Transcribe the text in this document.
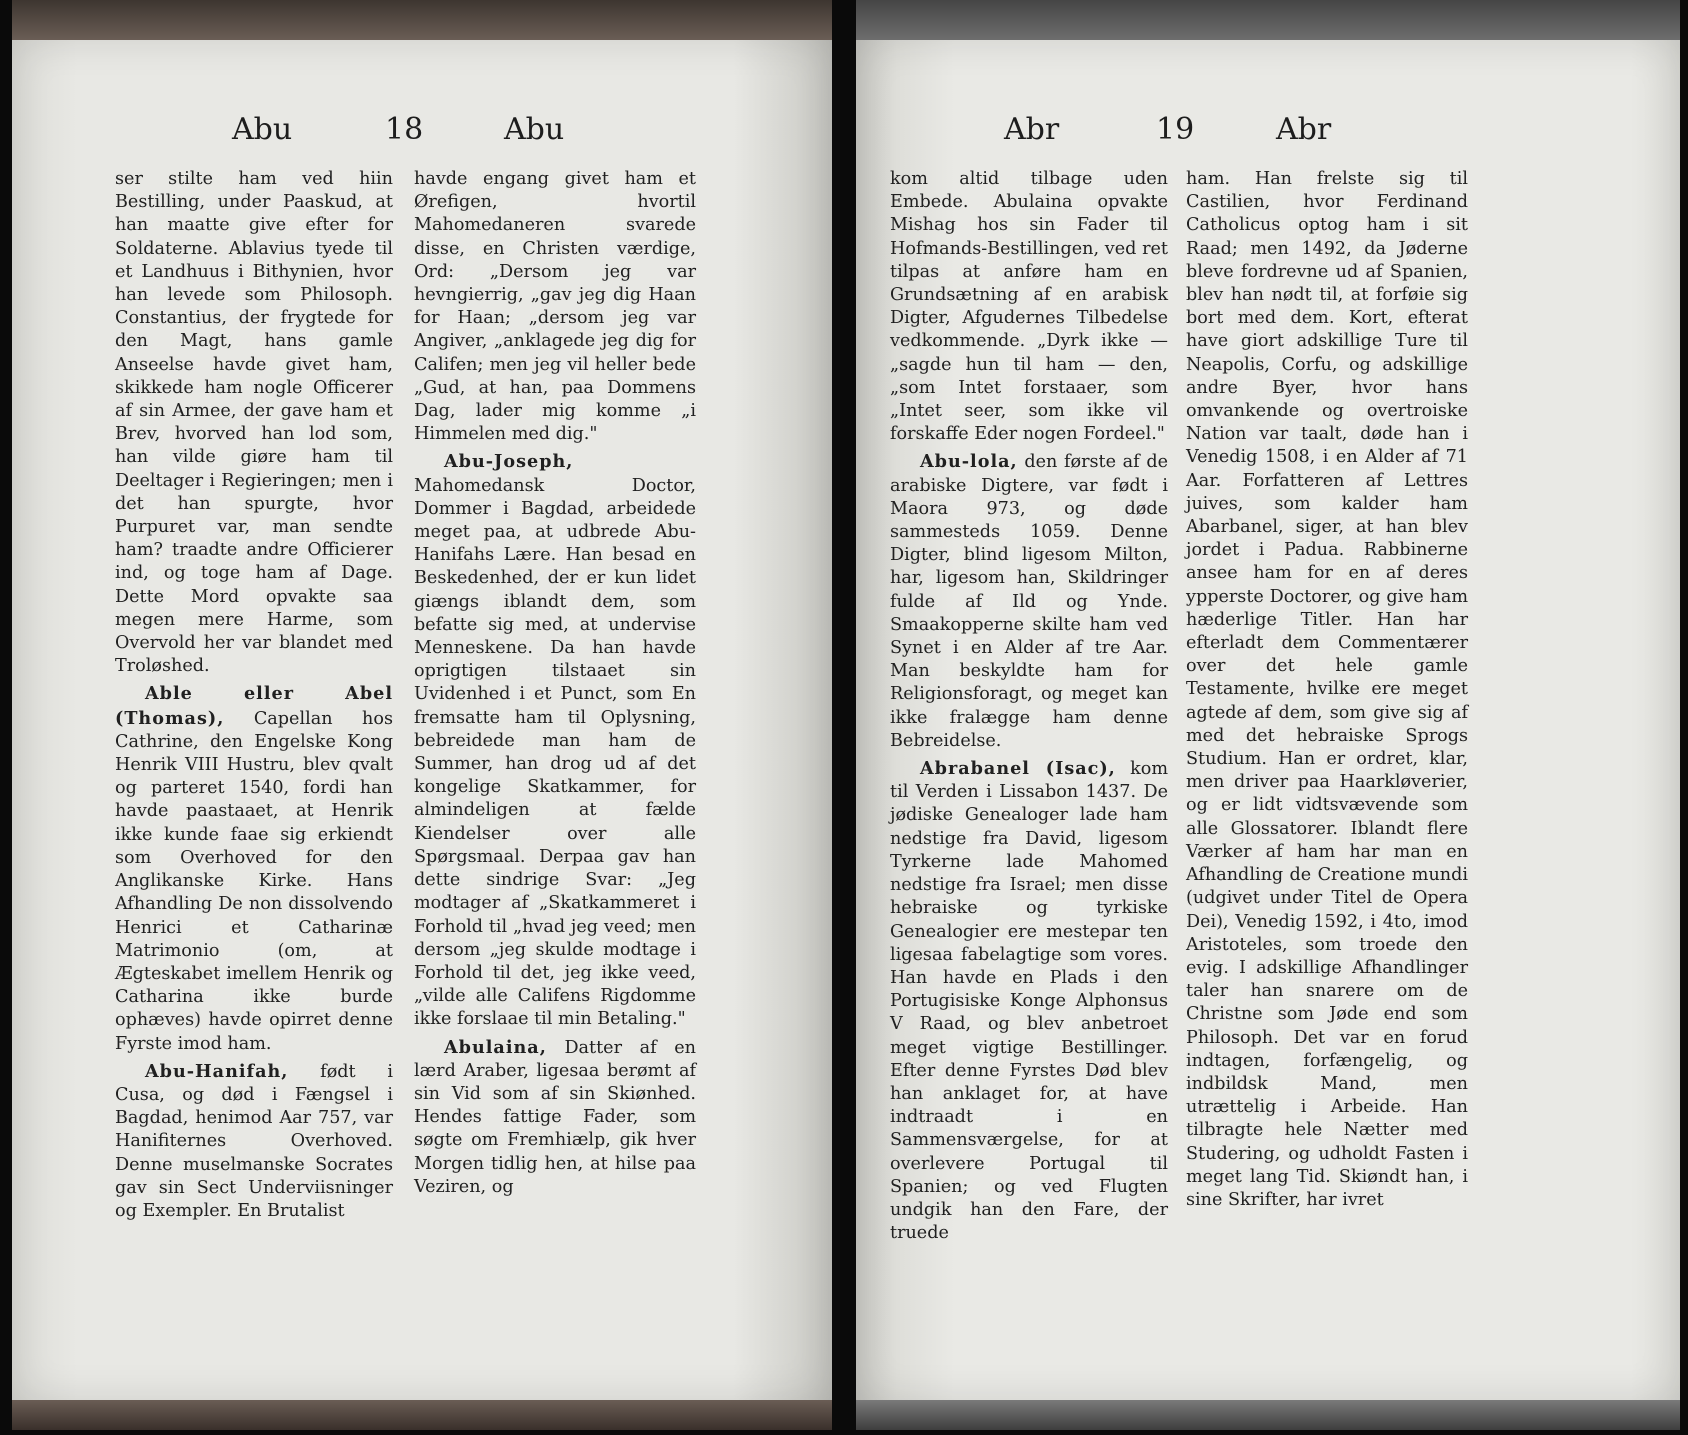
Abu	18	Abu

ser stilte ham ved hiin Bestilling, under Paaskud, at han maatte give efter for Soldaterne. Ablavius tyede til et Landhuus i Bithynien, hvor han levede som Philosoph. Constantius, der frygtede for den Magt, hans gamle Anseelse havde givet ham, skikkede ham nogle Officerer af sin Armee, der gave ham et Brev, hvorved han lod som, han vilde giøre ham til Deeltager i Regieringen; men i det han spurgte, hvor Purpuret var, man sendte ham? traadte andre Officierer ind, og toge ham af Dage. Dette Mord opvakte saa megen mere Harme, som Overvold her var blandet med Troløshed.

Able eller Abel (Thomas), Capellan hos Cathrine, den Engelske Kong Henrik VIII Hustru, blev qvalt og parteret 1540, fordi han havde paastaaet, at Henrik ikke kunde faae sig erkiendt som Overhoved for den Anglikanske Kirke. Hans Afhandling De non dissolvendo Henrici et Catharinæ Matrimonio (om, at Ægteskabet imellem Henrik og Catharina ikke burde ophæves) havde opirret denne Fyrste imod ham.

Abu-Hanifah, født i Cusa, og død i Fængsel i Bagdad, henimod Aar 757, var Hanifiternes Overhoved. Denne muselmanske Socrates gav sin Sect Underviisninger og Exempler. En Brutalist

havde engang givet ham et Ørefigen, hvortil Mahomedaneren svarede disse, en Christen værdige, Ord: „Dersom jeg var hevngierrig, „gav jeg dig Haan for Haan; „dersom jeg var Angiver, „anklagede jeg dig for Califen; men jeg vil heller bede „Gud, at han, paa Dommens Dag, lader mig komme „i Himmelen med dig."

Abu-Joseph, Mahomedansk Doctor, Dommer i Bagdad, arbeidede meget paa, at udbrede Abu-Hanifahs Lære. Han besad en Beskedenhed, der er kun lidet giængs iblandt dem, som befatte sig med, at undervise Menneskene. Da han havde oprigtigen tilstaaet sin Uvidenhed i et Punct, som En fremsatte ham til Oplysning, bebreidede man ham de Summer, han drog ud af det kongelige Skatkammer, for almindeligen at fælde Kiendelser over alle Spørgsmaal. Derpaa gav han dette sindrige Svar: „Jeg modtager af „Skatkammeret i Forhold til „hvad jeg veed; men dersom „jeg skulde modtage i Forhold til det, jeg ikke veed, „vilde alle Califens Rigdomme ikke forslaae til min Betaling."

Abulaina, Datter af en lærd Araber, ligesaa berømt af sin Vid som af sin Skiønhed. Hendes fattige Fader, som søgte om Fremhiælp, gik hver Morgen tidlig hen, at hilse paa Veziren, og

Abr	19	Abr

kom altid tilbage uden Embede. Abulaina opvakte Mishag hos sin Fader til Hofmands-Bestillingen, ved ret tilpas at anføre ham en Grundsætning af en arabisk Digter, Afgudernes Tilbedelse vedkommende. „Dyrk ikke — „sagde hun til ham — den, „som Intet forstaaer, som „Intet seer, som ikke vil forskaffe Eder nogen Fordeel."

Abu-lola, den første af de arabiske Digtere, var født i Maora 973, og døde sammesteds 1059. Denne Digter, blind ligesom Milton, har, ligesom han, Skildringer fulde af Ild og Ynde. Smaakopperne skilte ham ved Synet i en Alder af tre Aar. Man beskyldte ham for Religionsforagt, og meget kan ikke fralægge ham denne Bebreidelse.

Abrabanel (Isac), kom til Verden i Lissabon 1437. De jødiske Genealoger lade ham nedstige fra David, ligesom Tyrkerne lade Mahomed nedstige fra Israel; men disse hebraiske og tyrkiske Genealogier ere mestepar ten ligesaa fabelagtige som vores. Han havde en Plads i den Portugisiske Konge Alphonsus V Raad, og blev anbetroet meget vigtige Bestillinger. Efter denne Fyrstes Død blev han anklaget for, at have indtraadt i en Sammensværgelse, for at overlevere Portugal til Spanien; og ved Flugten undgik han den Fare, der truede

ham. Han frelste sig til Castilien, hvor Ferdinand Catholicus optog ham i sit Raad; men 1492, da Jøderne bleve fordrevne ud af Spanien, blev han nødt til, at forføie sig bort med dem. Kort, efterat have giort adskillige Ture til Neapolis, Corfu, og adskillige andre Byer, hvor hans omvankende og overtroiske Nation var taalt, døde han i Venedig 1508, i en Alder af 71 Aar. Forfatteren af Lettres juives, som kalder ham Abarbanel, siger, at han blev jordet i Padua. Rabbinerne ansee ham for en af deres ypperste Doctorer, og give ham hæderlige Titler. Han har efterladt dem Commentærer over det hele gamle Testamente, hvilke ere meget agtede af dem, som give sig af med det hebraiske Sprogs Studium. Han er ordret, klar, men driver paa Haarkløverier, og er lidt vidtsvævende som alle Glossatorer. Iblandt flere Værker af ham har man en Afhandling de Creatione mundi (udgivet under Titel de Opera Dei), Venedig 1592, i 4to, imod Aristoteles, som troede den evig. I adskillige Afhandlinger taler han snarere om de Christne som Jøde end som Philosoph. Det var en forud indtagen, forfængelig, og indbildsk Mand, men utrættelig i Arbeide. Han tilbragte hele Nætter med Studering, og udholdt Fasten i meget lang Tid. Skiøndt han, i sine Skrifter, har ivret
